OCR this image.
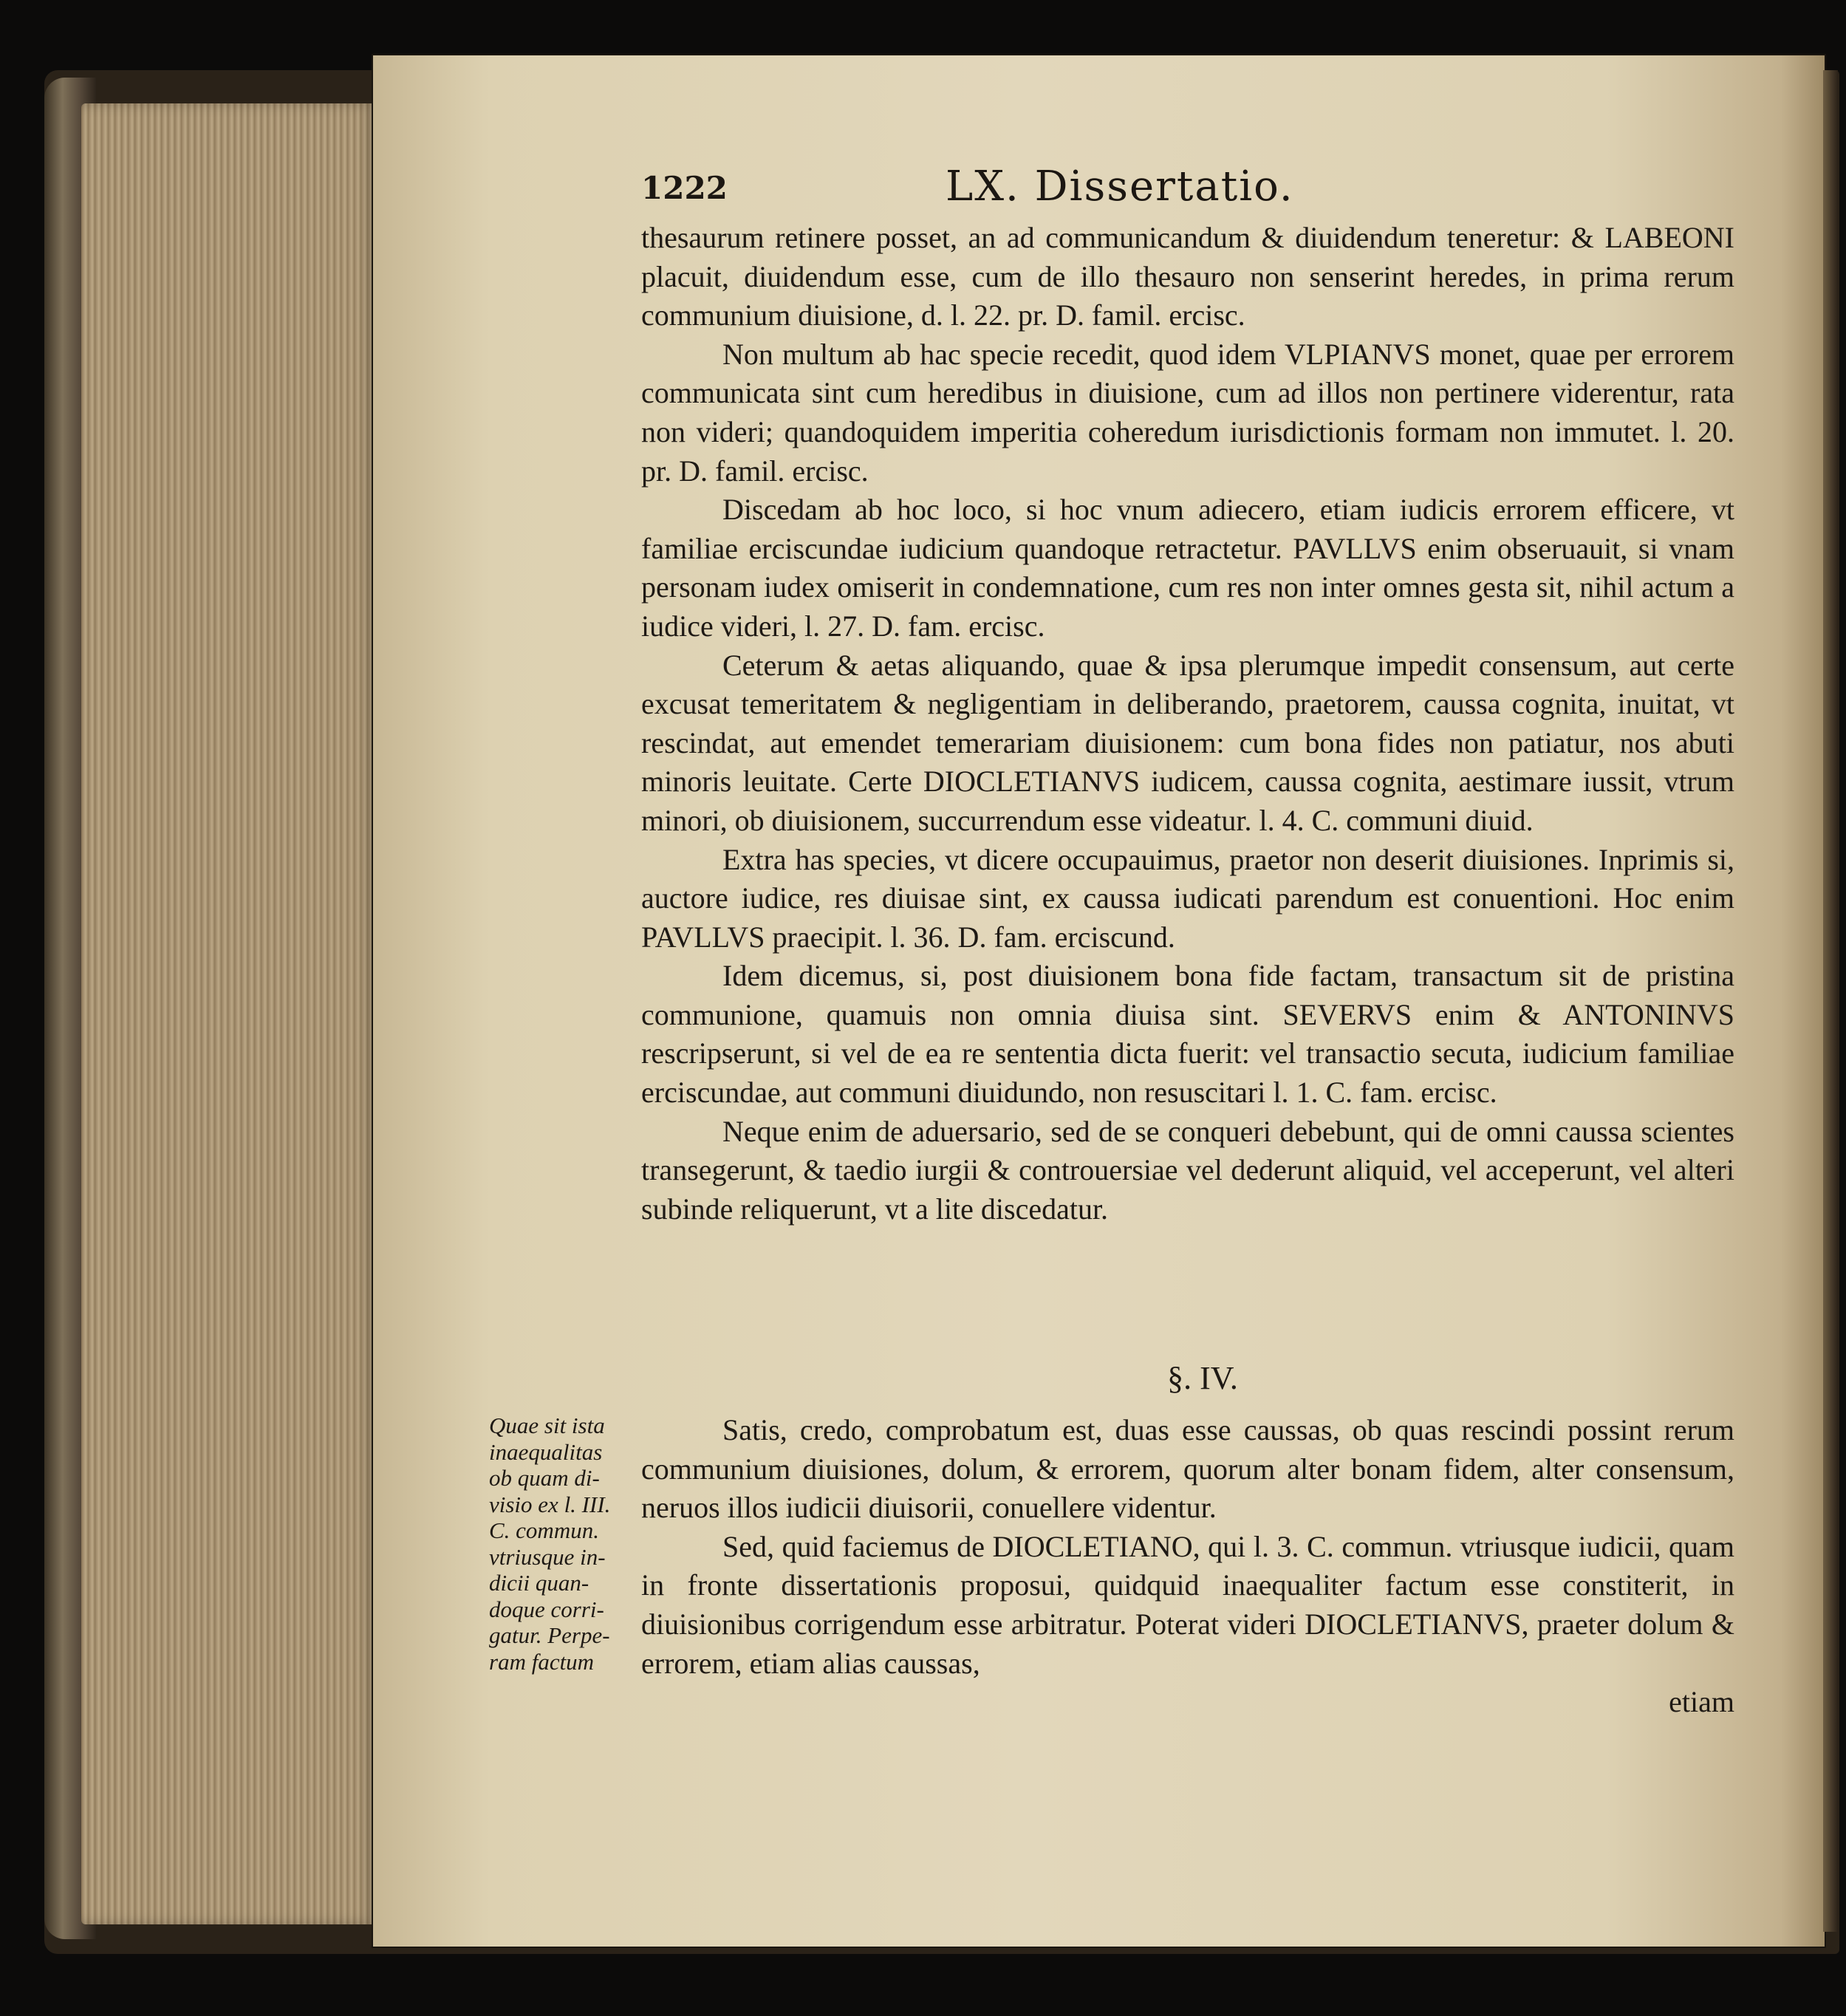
1222	LX. Dissertatio.

thesaurum retinere posset, an ad communicandum & diuidendum teneretur: & LABEONI placuit, diuidendum esse, cum de illo thesauro non senserint heredes, in prima rerum communium diuisione, d. l. 22. pr. D. famil. ercisc.

Non multum ab hac specie recedit, quod idem VLPIANVS monet, quae per errorem communicata sint cum heredibus in diuisione, cum ad illos non pertinere viderentur, rata non videri; quandoquidem imperitia coheredum iurisdictionis formam non immutet. l. 20. pr. D. famil. ercisc.

Discedam ab hoc loco, si hoc vnum adiecero, etiam iudicis errorem efficere, vt familiae erciscundae iudicium quandoque retractetur. PAVLLVS enim obseruauit, si vnam personam iudex omiserit in condemnatione, cum res non inter omnes gesta sit, nihil actum a iudice videri, l. 27. D. fam. ercisc.

Ceterum & aetas aliquando, quae & ipsa plerumque impedit consensum, aut certe excusat temeritatem & negligentiam in deliberando, praetorem, caussa cognita, inuitat, vt rescindat, aut emendet temerariam diuisionem: cum bona fides non patiatur, nos abuti minoris leuitate. Certe DIOCLETIANVS iudicem, caussa cognita, aestimare iussit, vtrum minori, ob diuisionem, succurrendum esse videatur. l. 4. C. communi diuid.

Extra has species, vt dicere occupauimus, praetor non deserit diuisiones. Inprimis si, auctore iudice, res diuisae sint, ex caussa iudicati parendum est conuentioni. Hoc enim PAVLLVS praecipit. l. 36. D. fam. erciscund.

Idem dicemus, si, post diuisionem bona fide factam, transactum sit de pristina communione, quamuis non omnia diuisa sint. SEVERVS enim & ANTONINVS rescripserunt, si vel de ea re sententia dicta fuerit: vel transactio secuta, iudicium familiae erciscundae, aut communi diuidundo, non resuscitari l. 1. C. fam. ercisc.

Neque enim de aduersario, sed de se conqueri debebunt, qui de omni caussa scientes transegerunt, & taedio iurgii & controuersiae vel dederunt aliquid, vel acceperunt, vel alteri subinde reliquerunt, vt a lite discedatur.

§. IV.

Satis, credo, comprobatum est, duas esse caussas, ob quas rescindi possint rerum communium diuisiones, dolum, & errorem, quorum alter bonam fidem, alter consensum, neruos illos iudicii diuisorii, conuellere videntur.

Sed, quid faciemus de DIOCLETIANO, qui l. 3. C. commun. vtriusque iudicii, quam in fronte dissertationis proposui, quidquid inaequaliter factum esse constiterit, in diuisionibus corrigendum esse arbitratur. Poterat videri DIOCLETIANVS, praeter dolum & errorem, etiam alias caussas,

etiam
Quae sit ista
inaequalitas
ob quam di-
visio ex l. III.
C. commun.
vtriusque in-
dicii quan-
doque corri-
gatur. Perpe-
ram factum
